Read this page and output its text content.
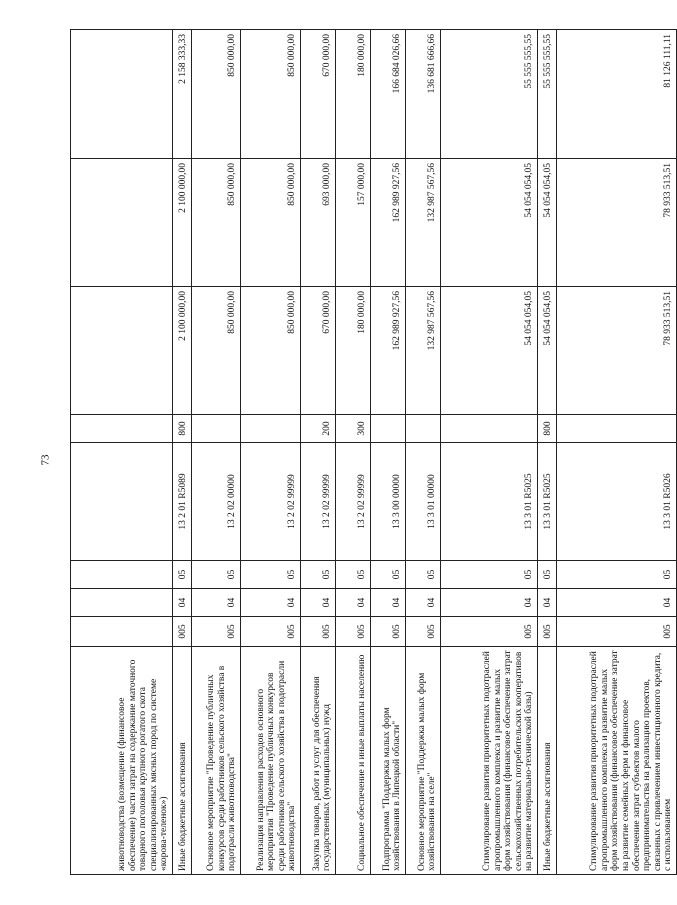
73
животноводства (возмещение (финансовое обеспечение) части затрат на содержание маточного товарного поголовья крупного рогатого скота специализированных мясных пород по системе «корова-теленок»)								
Иные бюджетные ассигнования	005	04	05	13 2 01 R5089	800	2 100 000,00	2 100 000,00	2 158 333,33
Основное мероприятие "Проведение публичных конкурсов среди работников сельского хозяйства в подотрасли животноводства"	005	04	05	13 2 02 00000		850 000,00	850 000,00	850 000,00
Реализация направления расходов основного мероприятия "Проведение публичных конкурсов среди работников сельского хозяйства в подотрасли животноводства"	005	04	05	13 2 02 99999		850 000,00	850 000,00	850 000,00
Закупка товаров, работ и услуг для обеспечения государственных (муниципальных) нужд	005	04	05	13 2 02 99999	200	670 000,00	693 000,00	670 000,00
Социальное обеспечение и иные выплаты населению	005	04	05	13 2 02 99999	300	180 000,00	157 000,00	180 000,00
Подпрограмма "Поддержка малых форм хозяйствования в Липецкой области"	005	04	05	13 3 00 00000		162 989 927,56	162 989 927,56	166 684 026,66
Основное мероприятие "Поддержка малых форм хозяйствования на селе"	005	04	05	13 3 01 00000		132 987 567,56	132 987 567,56	136 681 666,66
Стимулирование развития приоритетных подотраслей агропромышленного комплекса и развитие малых форм хозяйствования (финансовое обеспечение затрат сельскохозяйственных потребительских кооперативов на развитие материально-технической базы)	005	04	05	13 3 01 R5025		54 054 054,05	54 054 054,05	55 555 555,55
Иные бюджетные ассигнования	005	04	05	13 3 01 R5025	800	54 054 054,05	54 054 054,05	55 555 555,55
Стимулирование развития приоритетных подотраслей агропромышленного комплекса и развитие малых форм хозяйствования (финансовое обеспечение затрат на развитие семейных ферм и финансовое обеспечение затрат субъектов малого предпринимательства на реализацию проектов, связанных с привлечением инвестиционного кредита, с использованием	005	04	05	13 3 01 R5026		78 933 513,51	78 933 513,51	81 126 111,11
